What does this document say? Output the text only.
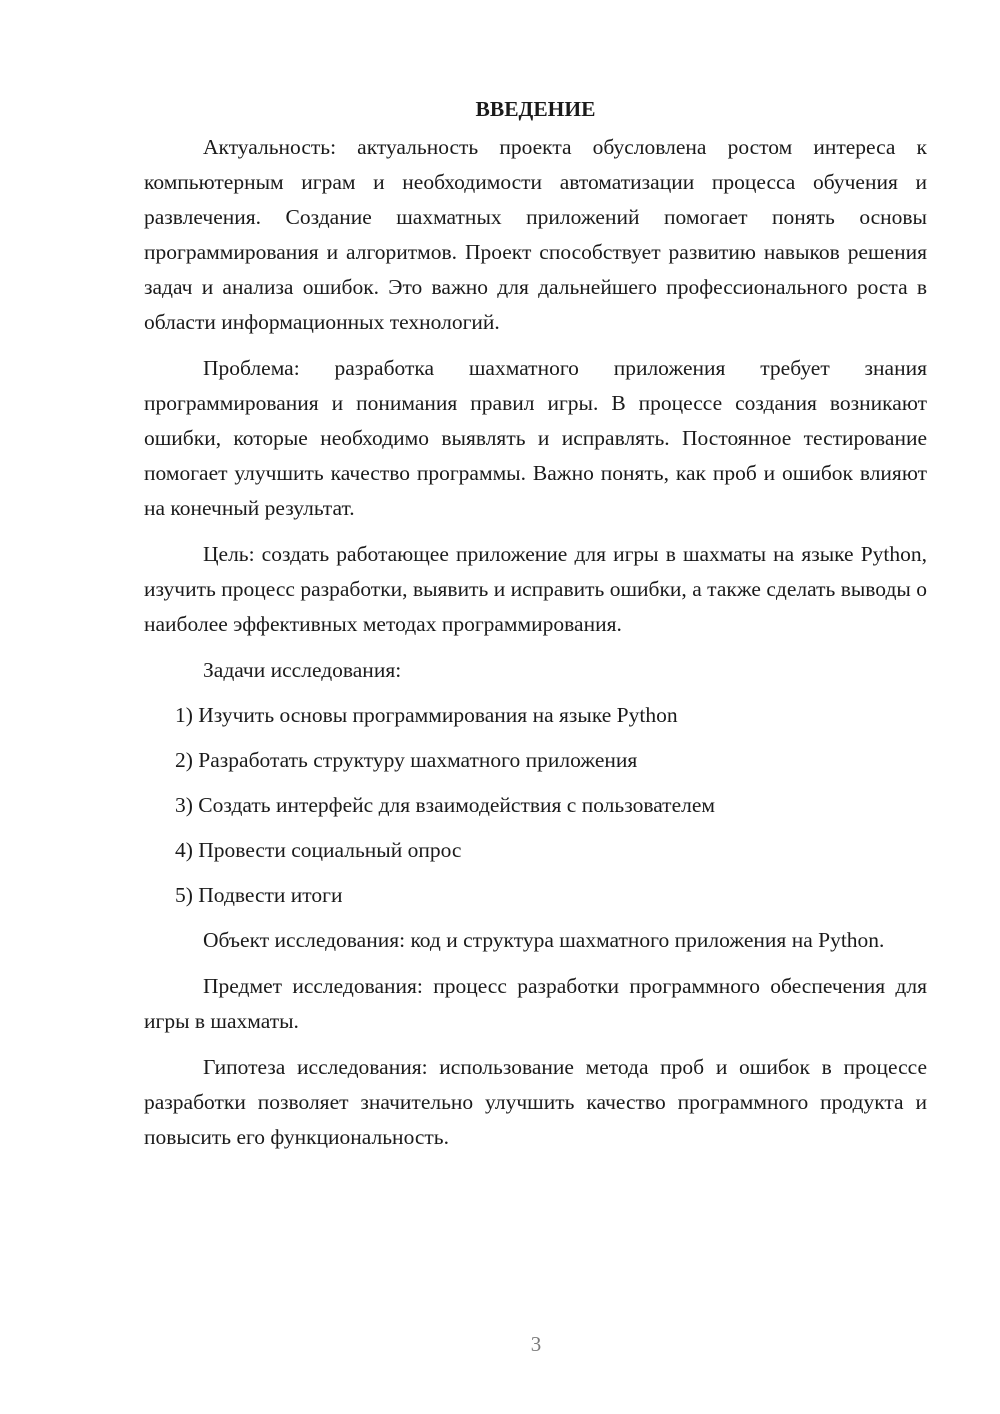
ВВЕДЕНИЕ

Актуальность: актуальность проекта обусловлена ростом интереса к компьютерным играм и необходимости автоматизации процесса обучения и развлечения. Создание шахматных приложений помогает понять основы программирования и алгоритмов. Проект способствует развитию навыков решения задач и анализа ошибок. Это важно для дальнейшего профессионального роста в области информационных технологий.

Проблема: разработка шахматного приложения требует знания программирования и понимания правил игры. В процессе создания возникают ошибки, которые необходимо выявлять и исправлять. Постоянное тестирование помогает улучшить качество программы. Важно понять, как проб и ошибок влияют на конечный результат.

Цель: создать работающее приложение для игры в шахматы на языке Python, изучить процесс разработки, выявить и исправить ошибки, а также сделать выводы о наиболее эффективных методах программирования.

Задачи исследования:

1) Изучить основы программирования на языке Python
2) Разработать структуру шахматного приложения
3) Создать интерфейс для взаимодействия с пользователем
4) Провести социальный опрос
5) Подвести итоги

Объект исследования: код и структура шахматного приложения на Python.

Предмет исследования: процесс разработки программного обеспечения для игры в шахматы.

Гипотеза исследования: использование метода проб и ошибок в процессе разработки позволяет значительно улучшить качество программного продукта и повысить его функциональность.

3
